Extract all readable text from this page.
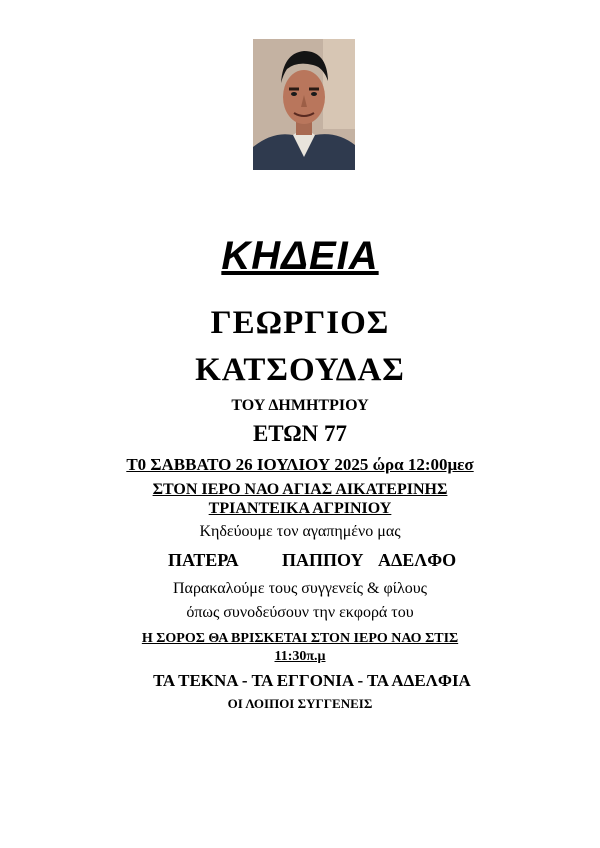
ΚΗΔΕΙΑ
ΓΕΩΡΓΙΟΣ
ΚΑΤΣΟΥΔΑΣ
ΤΟΥ ΔΗΜΗΤΡΙΟΥ
ΕΤΩΝ 77
Τ0 ΣΑΒΒΑΤΟ 26 ΙΟΥΛΙΟΥ 2025 ώρα 12:00μεσ
ΣΤΟΝ ΙΕΡΟ ΝΑΟ ΑΓΙΑΣ ΑΙΚΑΤΕΡΙΝΗΣ
ΤΡΙΑΝΤΕΙΚΑ ΑΓΡΙΝΙΟΥ
Κηδεύουμε τον αγαπημένο μας
ΠΑΤΕΡΑ ΠΑΠΠΟΥ ΑΔΕΛΦΟ
Παρακαλούμε τους συγγενείς & φίλους
όπως συνοδεύσουν την εκφορά του
Η ΣΟΡΟΣ ΘΑ ΒΡΙΣΚΕΤΑΙ ΣΤΟΝ ΙΕΡΟ ΝΑΟ ΣΤΙΣ
11:30π.μ
ΤΑ ΤΕΚΝΑ - ΤΑ ΕΓΓΟΝΙΑ - ΤΑ ΑΔΕΛΦΙΑ
ΟΙ ΛΟΙΠΟΙ ΣΥΓΓΕΝΕΙΣ
